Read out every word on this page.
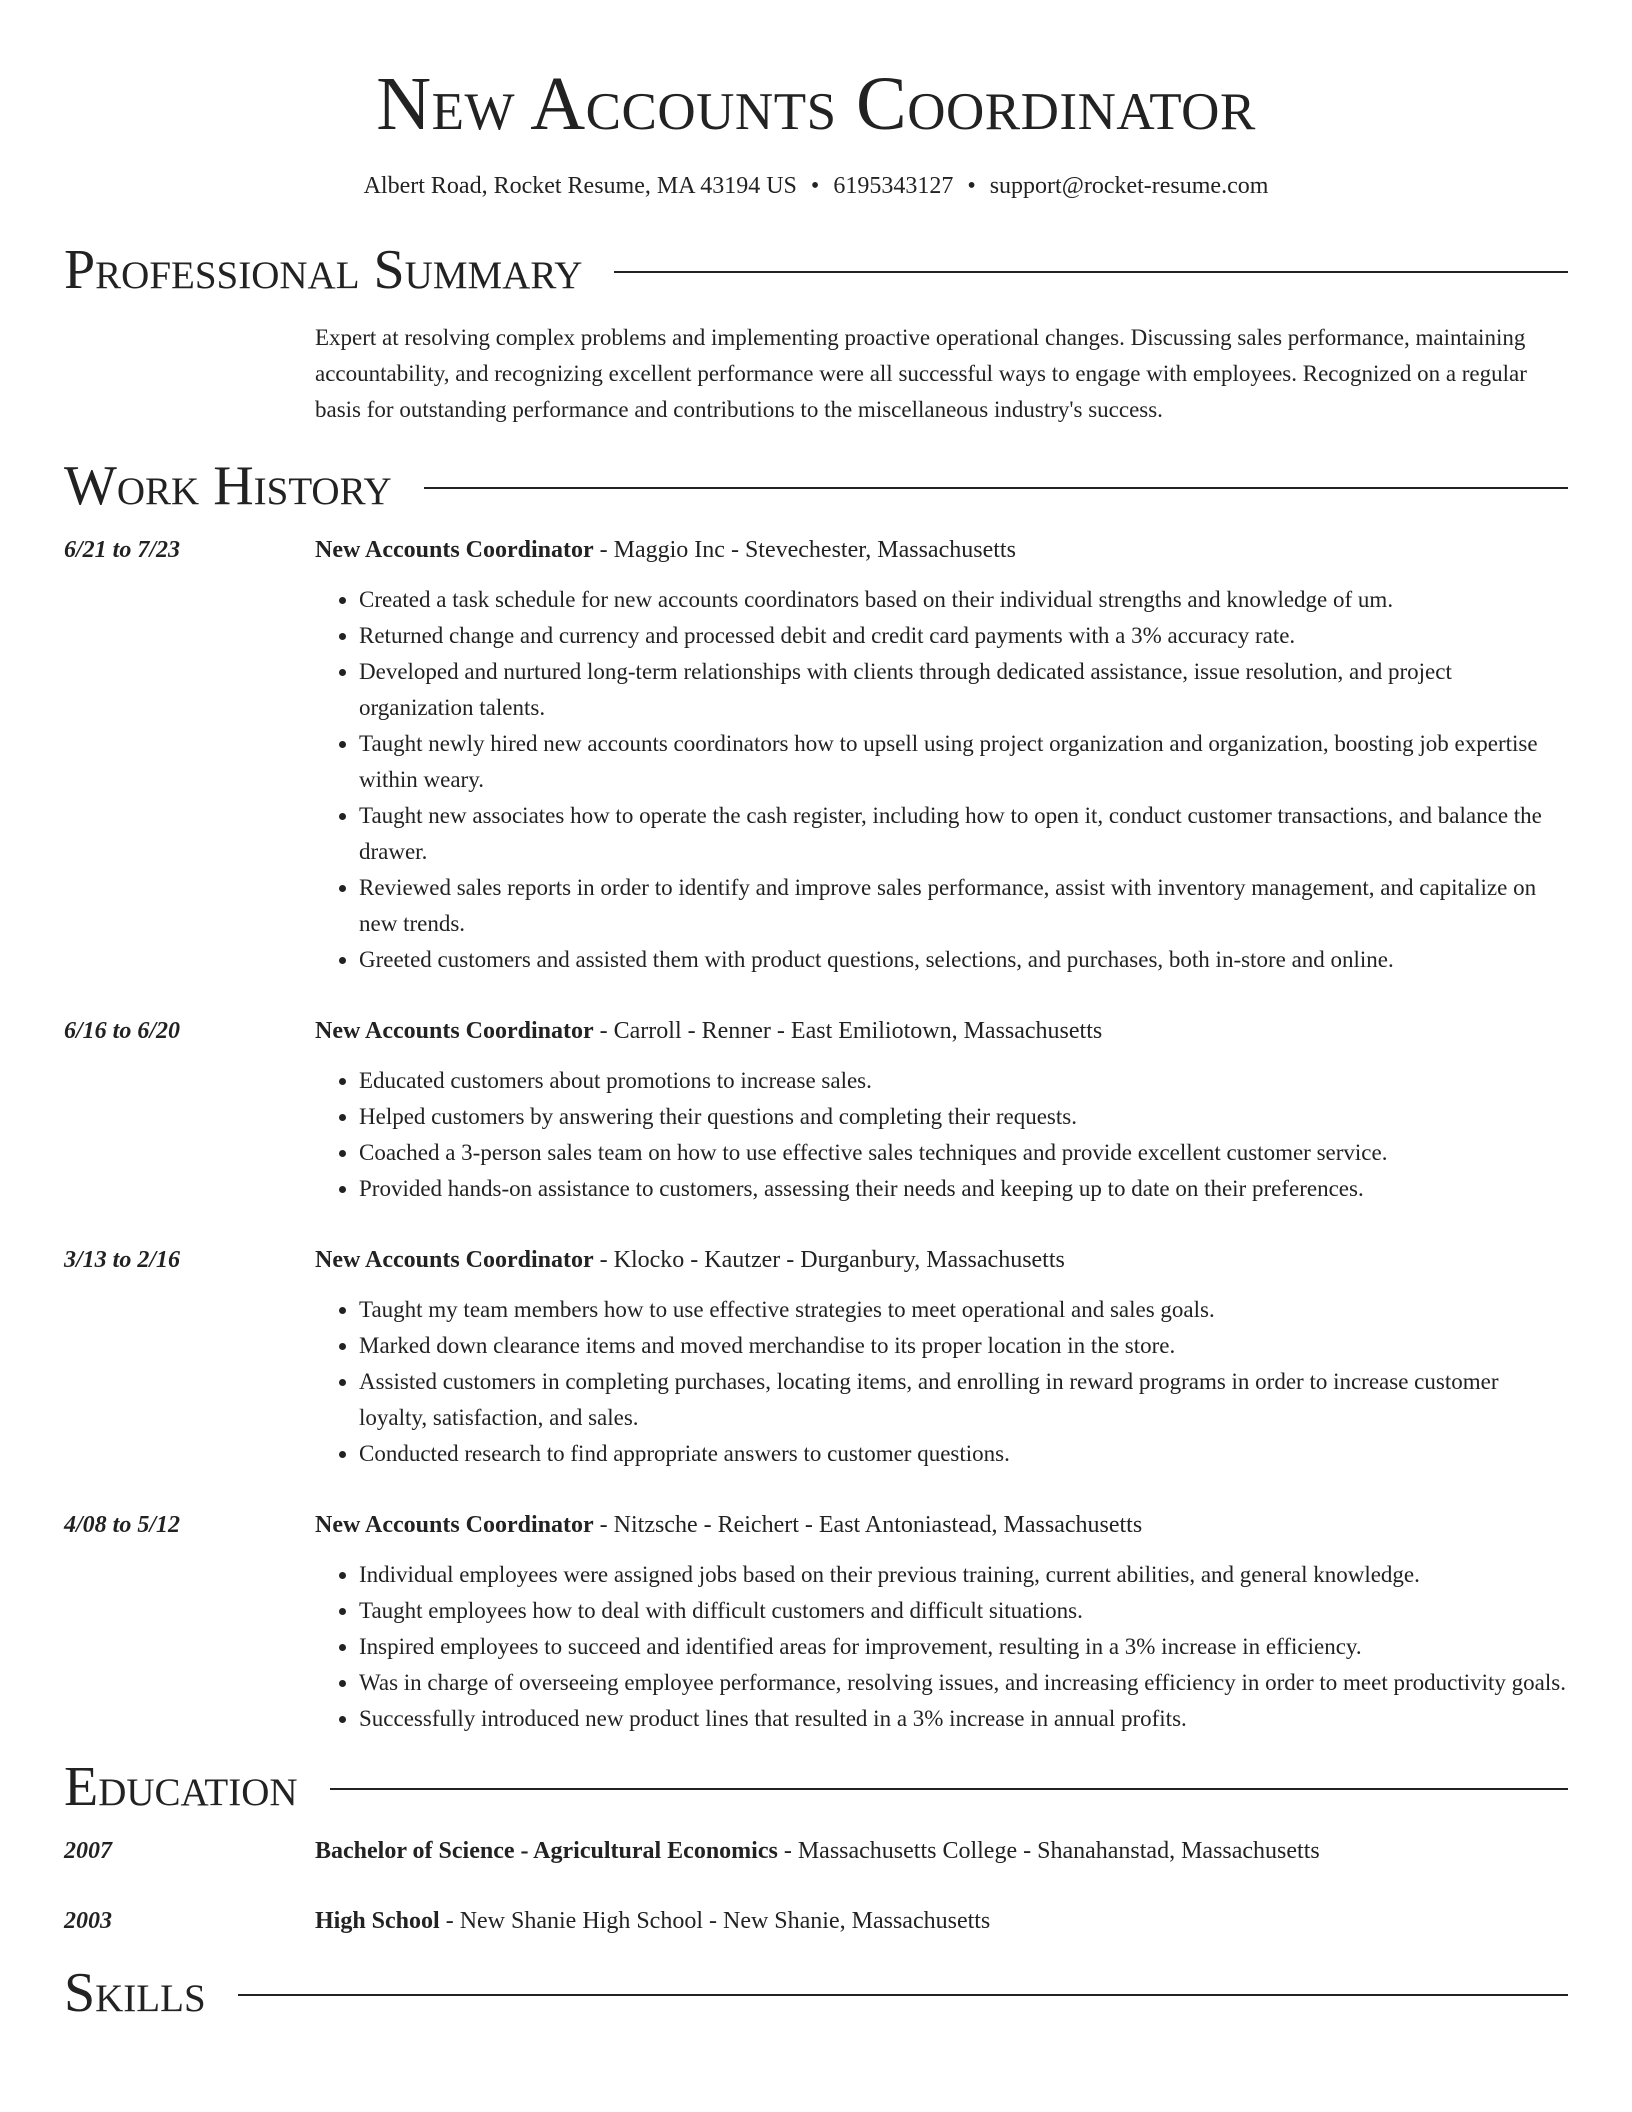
New Accounts Coordinator
Albert Road, Rocket Resume, MA 43194 US • 6195343127 • support@rocket-resume.com
Professional Summary
Expert at resolving complex problems and implementing proactive operational changes. Discussing sales performance, maintaining accountability, and recognizing excellent performance were all successful ways to engage with employees. Recognized on a regular basis for outstanding performance and contributions to the miscellaneous industry's success.
Work History
6/21 to 7/23	New Accounts Coordinator - Maggio Inc - Stevechester, Massachusetts
• Created a task schedule for new accounts coordinators based on their individual strengths and knowledge of um.
• Returned change and currency and processed debit and credit card payments with a 3% accuracy rate.
• Developed and nurtured long-term relationships with clients through dedicated assistance, issue resolution, and project organization talents.
• Taught newly hired new accounts coordinators how to upsell using project organization and organization, boosting job expertise within weary.
• Taught new associates how to operate the cash register, including how to open it, conduct customer transactions, and balance the drawer.
• Reviewed sales reports in order to identify and improve sales performance, assist with inventory management, and capitalize on new trends.
• Greeted customers and assisted them with product questions, selections, and purchases, both in-store and online.
6/16 to 6/20	New Accounts Coordinator - Carroll - Renner - East Emiliotown, Massachusetts
• Educated customers about promotions to increase sales.
• Helped customers by answering their questions and completing their requests.
• Coached a 3-person sales team on how to use effective sales techniques and provide excellent customer service.
• Provided hands-on assistance to customers, assessing their needs and keeping up to date on their preferences.
3/13 to 2/16	New Accounts Coordinator - Klocko - Kautzer - Durganbury, Massachusetts
• Taught my team members how to use effective strategies to meet operational and sales goals.
• Marked down clearance items and moved merchandise to its proper location in the store.
• Assisted customers in completing purchases, locating items, and enrolling in reward programs in order to increase customer loyalty, satisfaction, and sales.
• Conducted research to find appropriate answers to customer questions.
4/08 to 5/12	New Accounts Coordinator - Nitzsche - Reichert - East Antoniastead, Massachusetts
• Individual employees were assigned jobs based on their previous training, current abilities, and general knowledge.
• Taught employees how to deal with difficult customers and difficult situations.
• Inspired employees to succeed and identified areas for improvement, resulting in a 3% increase in efficiency.
• Was in charge of overseeing employee performance, resolving issues, and increasing efficiency in order to meet productivity goals.
• Successfully introduced new product lines that resulted in a 3% increase in annual profits.
Education
2007	Bachelor of Science - Agricultural Economics - Massachusetts College - Shanahanstad, Massachusetts
2003	High School - New Shanie High School - New Shanie, Massachusetts
Skills
